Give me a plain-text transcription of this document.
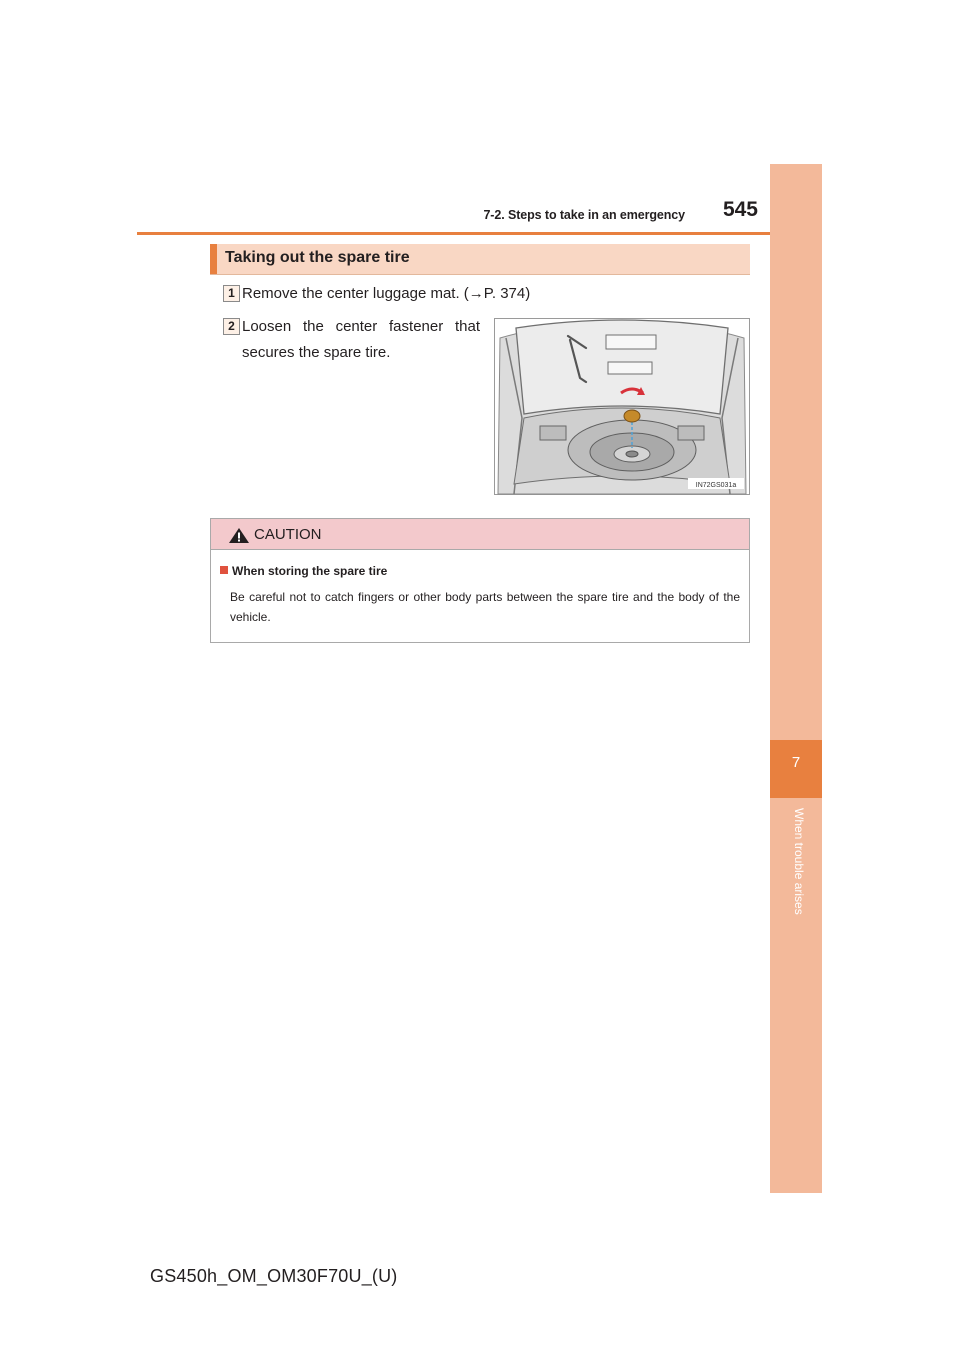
7-2. Steps to take in an emergency	545
7
When trouble arises
Taking out the spare tire
1 Remove the center luggage mat. (→P. 374)
2 Loosen the center fastener that secures the spare tire.
IN72GS031a
CAUTION
When storing the spare tire
Be careful not to catch fingers or other body parts between the spare tire and the body of the vehicle.
GS450h_OM_OM30F70U_(U)
